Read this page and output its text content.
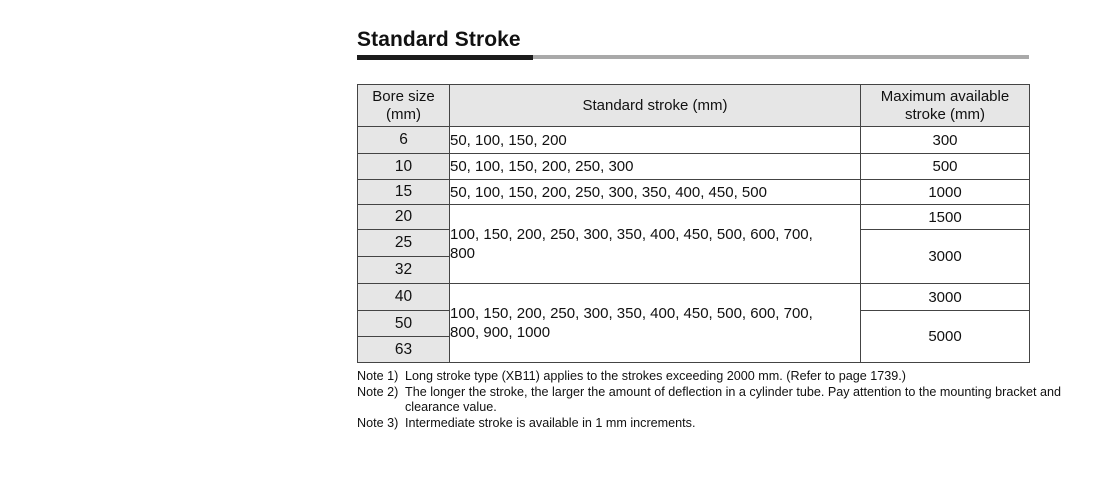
Standard Stroke
Bore size
(mm)	Standard stroke (mm)	Maximum available
stroke (mm)
6	50, 100, 150, 200	300
10	50, 100, 150, 200, 250, 300	500
15	50, 100, 150, 200, 250, 300, 350, 400, 450, 500	1000
20	100, 150, 200, 250, 300, 350, 400, 450, 500, 600, 700, 800	1500
25		3000
32		
40	100, 150, 200, 250, 300, 350, 400, 450, 500, 600, 700, 800, 900, 1000	3000
50		5000
63		
Note 1) Long stroke type (XB11) applies to the strokes exceeding 2000 mm. (Refer to page 1739.)
Note 2) The longer the stroke, the larger the amount of deflection in a cylinder tube. Pay attention to the mounting bracket and clearance value.
Note 3) Intermediate stroke is available in 1 mm increments.
